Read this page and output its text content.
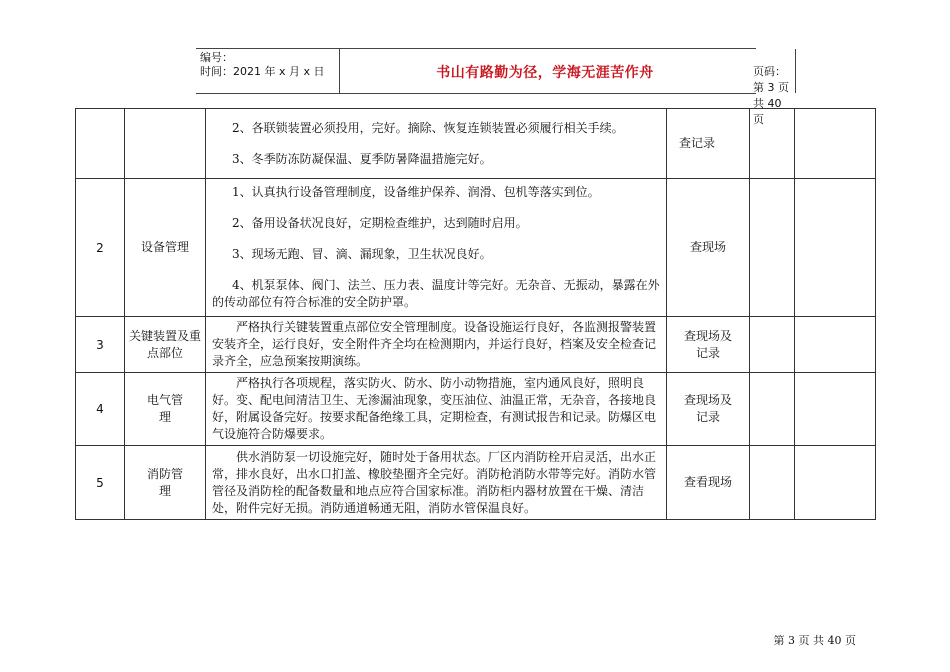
编号：
时间：2021 年 x 月 x 日	书山有路勤为径，学海无涯苦作舟	页码：第 3 页 共 40 页

		2、各联锁装置必须投用，完好。摘除、恢复连锁装置必须履行相关手续。

3、冬季防冻防凝保温、夏季防暑降温措施完好。	查记录		
2	设备管理	1、认真执行设备管理制度，设备维护保养、润滑、包机等落实到位。

2、备用设备状况良好，定期检查维护，达到随时启用。

3、现场无跑、冒、滴、漏现象，卫生状况良好。

4、机泵泵体、阀门、法兰、压力表、温度计等完好。无杂音、无振动，暴露在外的传动部位有符合标准的安全防护罩。	查现场		
3	关键装置及重点部位	　　严格执行关键装置重点部位安全管理制度。设备设施运行良好，各监测报警装置安装齐全，运行良好，安全附件齐全均在检测期内，并运行良好，档案及安全检查记录齐全，应急预案按期演练。	查现场及记录		
4	电气管理	　　严格执行各项规程，落实防火、防水、防小动物措施，室内通风良好，照明良好。变、配电间清洁卫生、无渗漏油现象，变压油位、油温正常，无杂音，各接地良好，附属设备完好。按要求配备绝缘工具，定期检查，有测试报告和记录。防爆区电气设施符合防爆要求。	查现场及记录		
5	消防管理	　　供水消防泵一切设施完好，随时处于备用状态。厂区内消防栓开启灵活，出水正常，排水良好，出水口扪盖、橡胶垫圈齐全完好。消防枪消防水带等完好。消防水管管径及消防栓的配备数量和地点应符合国家标准。消防柜内器材放置在干燥、清洁处，附件完好无损。消防通道畅通无阻，消防水管保温良好。	查看现场		
第 3 页 共 40 页
